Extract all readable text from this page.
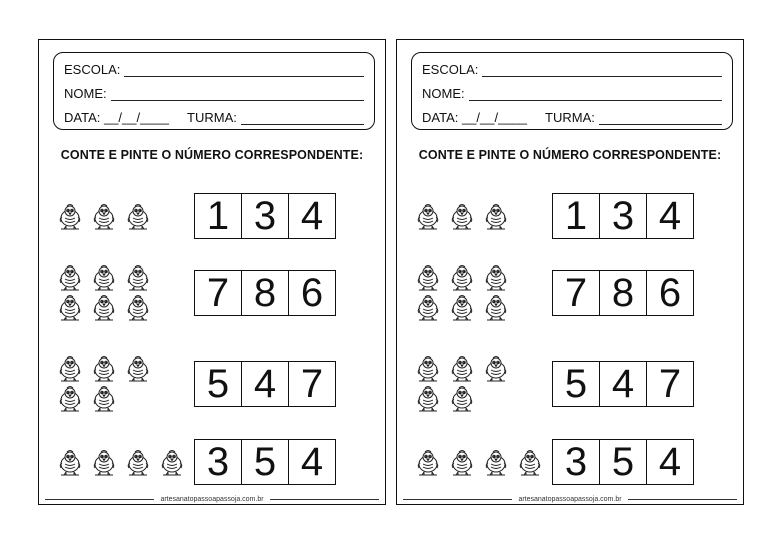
ESCOLA:
NOME:
DATA: __/__/____ TURMA:
CONTE E PINTE O NÚMERO CORRESPONDENTE:
1 3 4
7 8 6
5 4 7
3 5 4
artesanatopassoapassoja.com.br
ESCOLA:
NOME:
DATA: __/__/____ TURMA:
CONTE E PINTE O NÚMERO CORRESPONDENTE:
1 3 4
7 8 6
5 4 7
3 5 4
artesanatopassoapassoja.com.br
